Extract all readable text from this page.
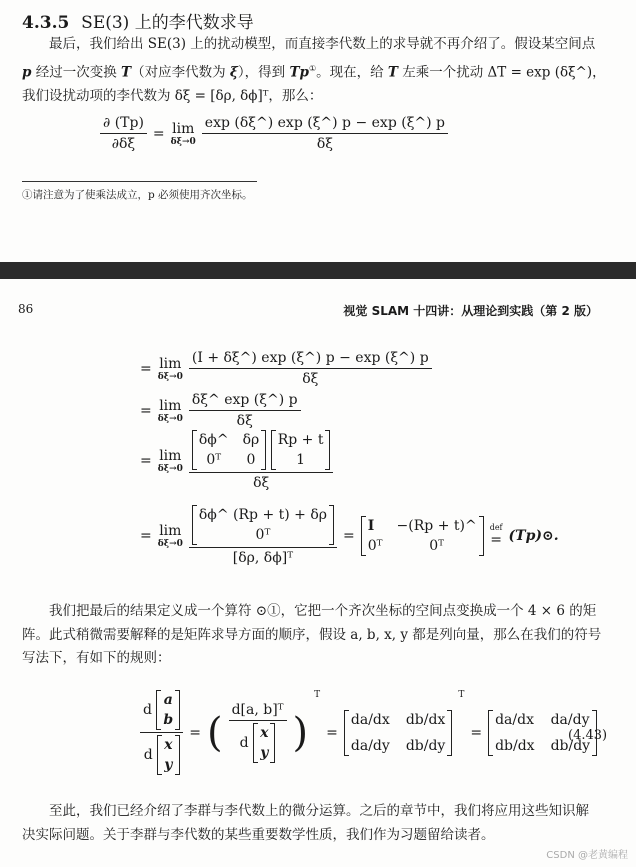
4.3.5 SE(3) 上的李代数求导
最后，我们给出 SE(3) 上的扰动模型，而直接李代数上的求导就不再介绍了。假设某空间点
p 经过一次变换 T（对应李代数为 ξ），得到 Tp①。现在，给 T 左乘一个扰动 ΔT = exp (δξ^)，
我们设扰动项的李代数为 δξ = [δρ, δϕ]ᵀ，那么：
$\frac{\partial (Tp)}{\partial\delta\xi} = \lim$
$\delta\xi\to 0 \frac{\exp (\delta\xi\^{}) \exp (\xi\^{}) p - \exp (\xi\^{}) p}{\delta\xi}$
①请注意为了使乘法成立，p 必须使用齐次坐标。
86	视觉 SLAM 十四讲：从理论到实践（第 2 版）
= lim
$\delta\xi\to 0 \frac{(I + \delta\xi\^{}) \exp (\xi\^{}) p - \exp (\xi\^{}) p}{\delta\xi}$
= lim
$\delta\xi\to 0 \frac{\delta\xi\^{} \exp (\xi\^{}) p}{\delta\xi}$
= lim
δξ→0 δϕ^ δρ
0ᵀ	0

Rp + t
1
δξ
= lim
δξ→0 δϕ^ (Rp + t) + δρ
0ᵀ
[δρ, δϕ]ᵀ =
I	−(Rp + t)^
0ᵀ	0ᵀ
def
= (Tp)⊙.
我们把最后的结果定义成一个算符 ⊙①，它把一个齐次坐标的空间点变换成一个 4 × 6 的矩
阵。此式稍微需要解释的是矩阵求导方面的顺序，假设 a, b, x, y 都是列向量，那么在我们的符号
写法下，有如下的规则：
d
a
b
d
x
y = ( d[a, b]ᵀ
d
x
y )
T
=
da/dx db/dx
da/dy db/dy
T
=
da/dx da/dy
db/dx db/dy
(4.43)
至此，我们已经介绍了李群与李代数上的微分运算。之后的章节中，我们将应用这些知识解
决实际问题。关于李群与李代数的某些重要数学性质，我们作为习题留给读者。
CSDN @老黄编程
